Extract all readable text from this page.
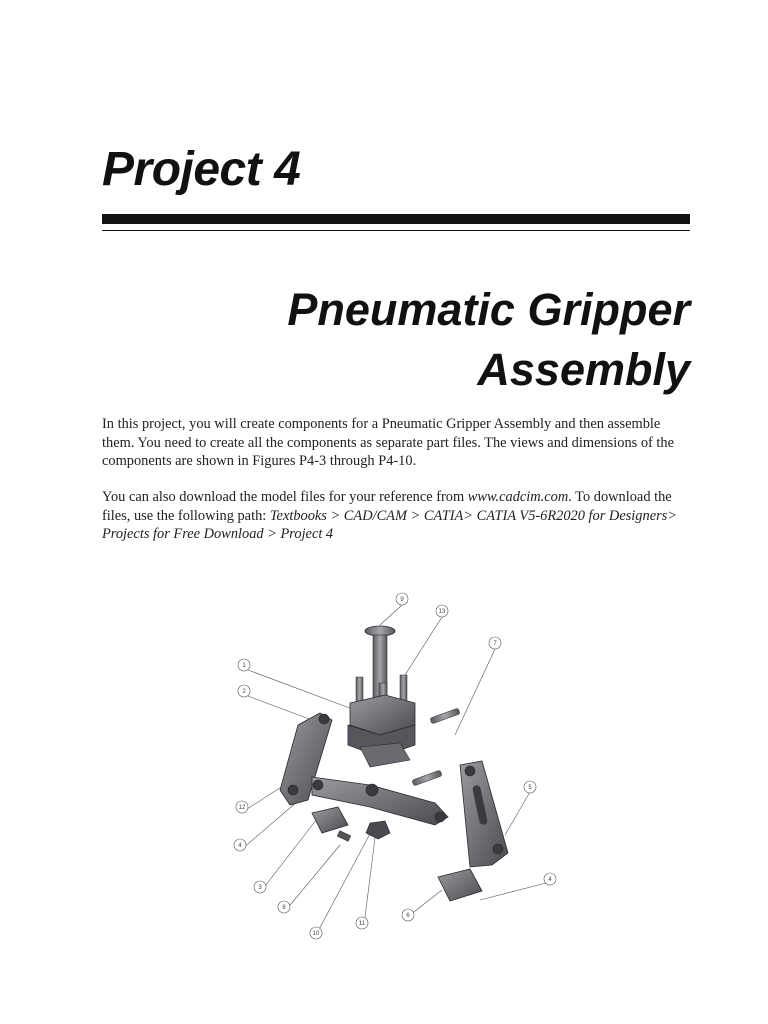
Project 4
Pneumatic Gripper
Assembly

In this project, you will create components for a Pneumatic Gripper Assembly and then assemble them. You need to create all the components as separate part files. The views and dimensions of the components are shown in Figures P4-3 through P4-10.

You can also download the model files for your reference from www.cadcim.com. To download the files, use the following path: Textbooks > CAD/CAM > CATIA> CATIA V5-6R2020 for Designers> Projects for Free Download > Project 4

9
13
7
1
2
12
4
3
8
10
11
5
4
6
